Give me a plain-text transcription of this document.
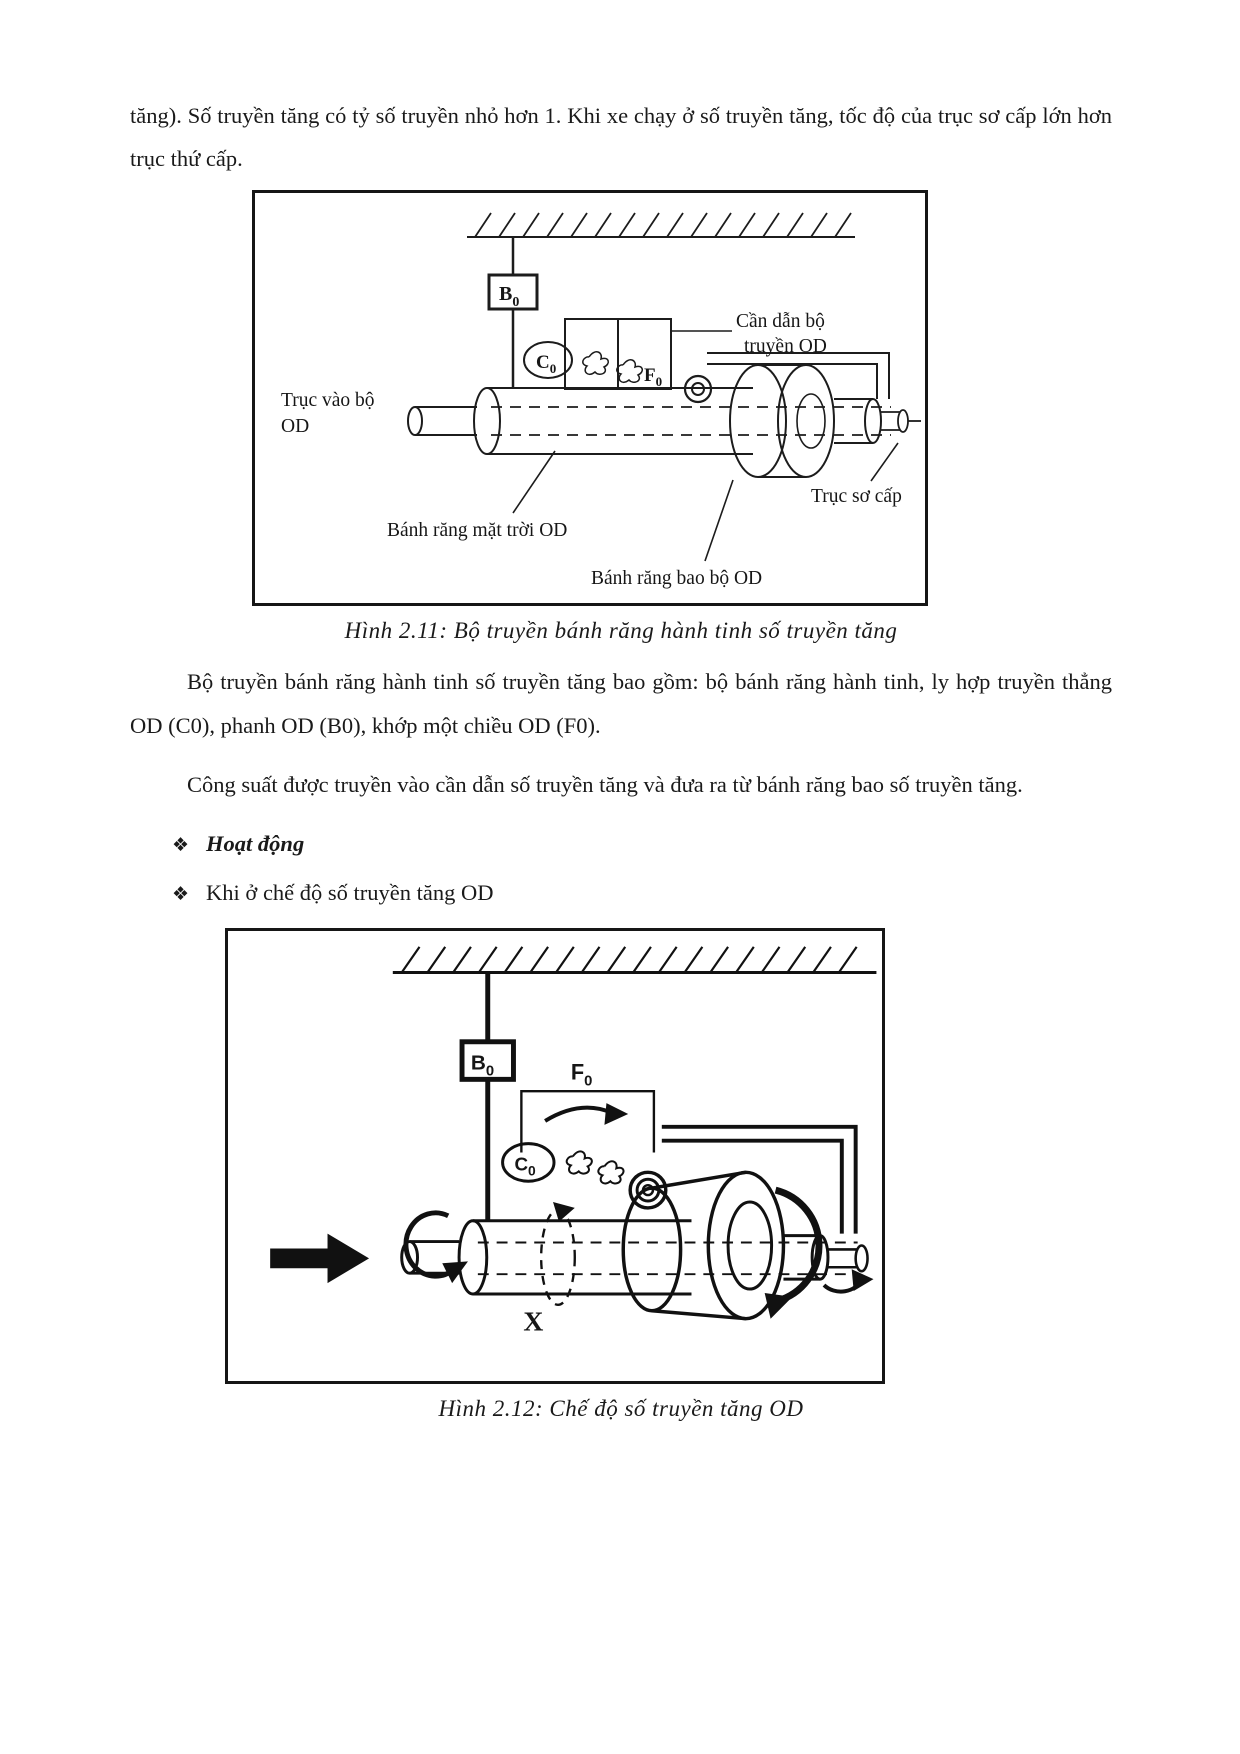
tăng). Số truyền tăng có tỷ số truyền nhỏ hơn 1. Khi xe chạy ở số truyền tăng, tốc độ của trục sơ cấp lớn hơn trục thứ cấp.

$B_0$
$C_0$	$F_0$
Cần dẫn bộ
truyền OD
Trục vào bộ
OD
Trục sơ cấp
Bánh răng mặt trời OD
Bánh răng bao bộ OD

Hình 2.11: Bộ truyền bánh răng hành tinh số truyền tăng

Bộ truyền bánh răng hành tinh số truyền tăng bao gồm: bộ bánh răng hành tinh, ly hợp truyền thẳng OD (C0), phanh OD (B0), khớp một chiều OD (F0).

Công suất được truyền vào cần dẫn số truyền tăng và đưa ra từ bánh răng bao số truyền tăng.

❖ Hoạt động
❖ Khi ở chế độ số truyền tăng OD
$B_0$
$C_0$
$F_0$
X

Hình 2.12: Chế độ số truyền tăng OD
